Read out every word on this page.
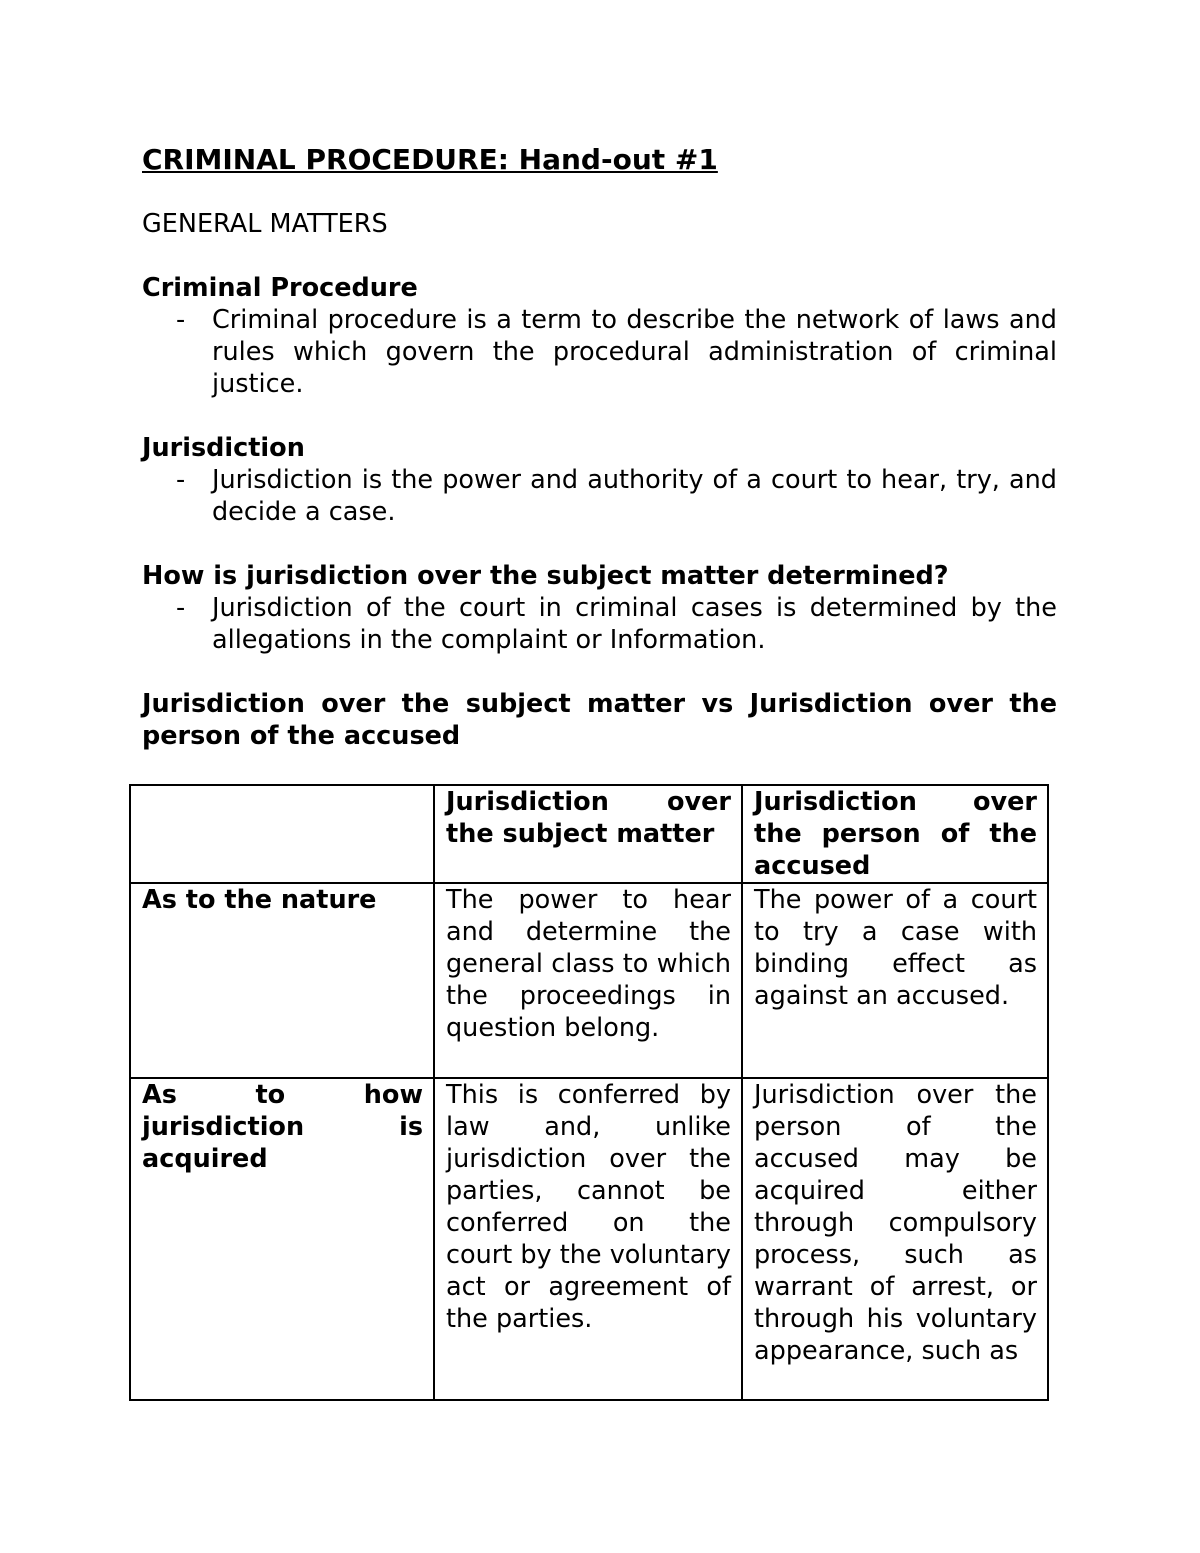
CRIMINAL PROCEDURE: Hand-out #1
GENERAL MATTERS
Criminal Procedure
- Criminal procedure is a term to describe the network of laws and rules which govern the procedural administration of criminal justice.
Jurisdiction
- Jurisdiction is the power and authority of a court to hear, try, and decide a case.
How is jurisdiction over the subject matter determined?
- Jurisdiction of the court in criminal cases is determined by the allegations in the complaint or Information.
Jurisdiction over the subject matter vs Jurisdiction over the person of the accused
	Jurisdiction over the subject matter	Jurisdiction over the person of the accused
As to the nature	The power to hear and determine the general class to which the proceedings in question belong.	The power of a court to try a case with binding effect as against an accused.
As to how jurisdiction is acquired	This is conferred by law and, unlike jurisdiction over the parties, cannot be conferred on the court by the voluntary act or agreement of the parties.	Jurisdiction over the person of the accused may be acquired either through compulsory process, such as warrant of arrest, or through his voluntary appearance, such as
